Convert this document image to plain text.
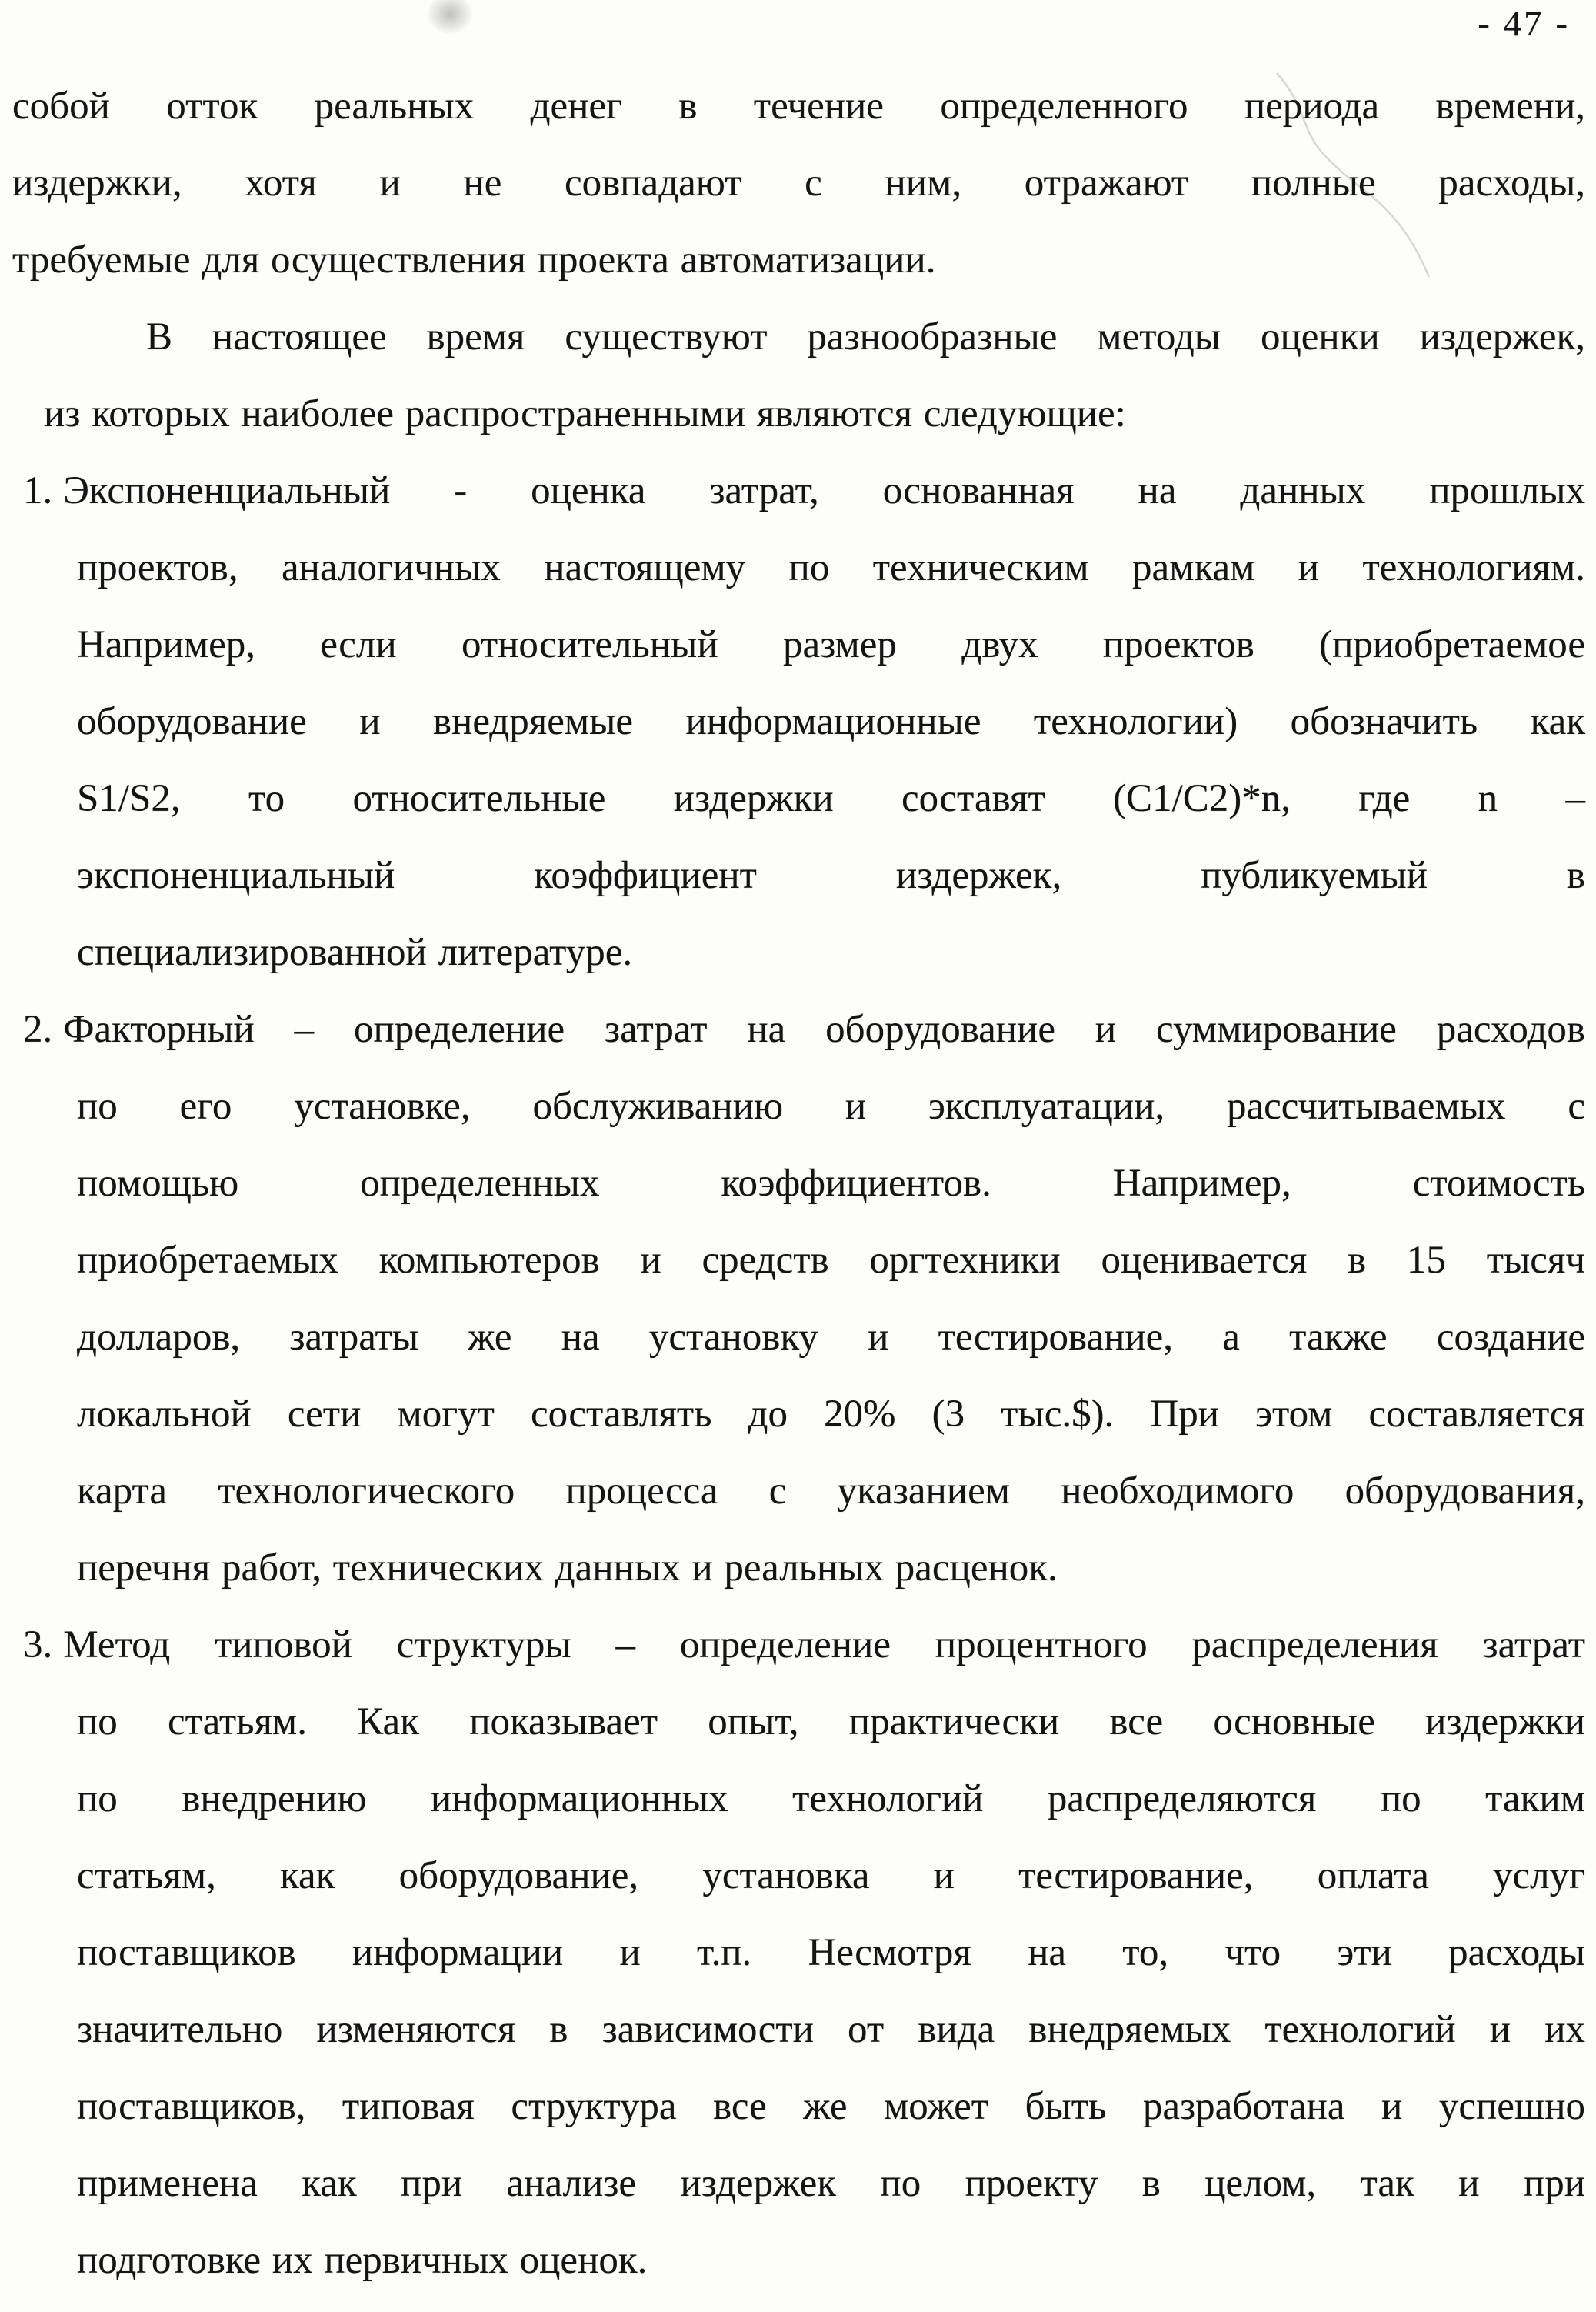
- 47 -
собой отток реальных денег в течение определенного периода времени,
издержки, хотя и не совпадают с ним, отражают полные расходы,
требуемые для осуществления проекта автоматизации.
В настоящее время существуют разнообразные методы оценки издержек,
из которых наиболее распространенными являются следующие:
1. Экспоненциальный - оценка затрат, основанная на данных прошлых
проектов, аналогичных настоящему по техническим рамкам и технологиям.
Например, если относительный размер двух проектов (приобретаемое
оборудование и внедряемые информационные технологии) обозначить как
S1/S2, то относительные издержки составят (C1/C2)*n, где n –
экспоненциальный коэффициент издержек, публикуемый в
специализированной литературе.
2. Факторный – определение затрат на оборудование и суммирование расходов
по его установке, обслуживанию и эксплуатации, рассчитываемых с
помощью определенных коэффициентов. Например, стоимость
приобретаемых компьютеров и средств оргтехники оценивается в 15 тысяч
долларов, затраты же на установку и тестирование, а также создание
локальной сети могут составлять до 20% (3 тыс.$). При этом составляется
карта технологического процесса с указанием необходимого оборудования,
перечня работ, технических данных и реальных расценок.
3. Метод типовой структуры – определение процентного распределения затрат
по статьям. Как показывает опыт, практически все основные издержки
по внедрению информационных технологий распределяются по таким
статьям, как оборудование, установка и тестирование, оплата услуг
поставщиков информации и т.п. Несмотря на то, что эти расходы
значительно изменяются в зависимости от вида внедряемых технологий и их
поставщиков, типовая структура все же может быть разработана и успешно
применена как при анализе издержек по проекту в целом, так и при
подготовке их первичных оценок.
